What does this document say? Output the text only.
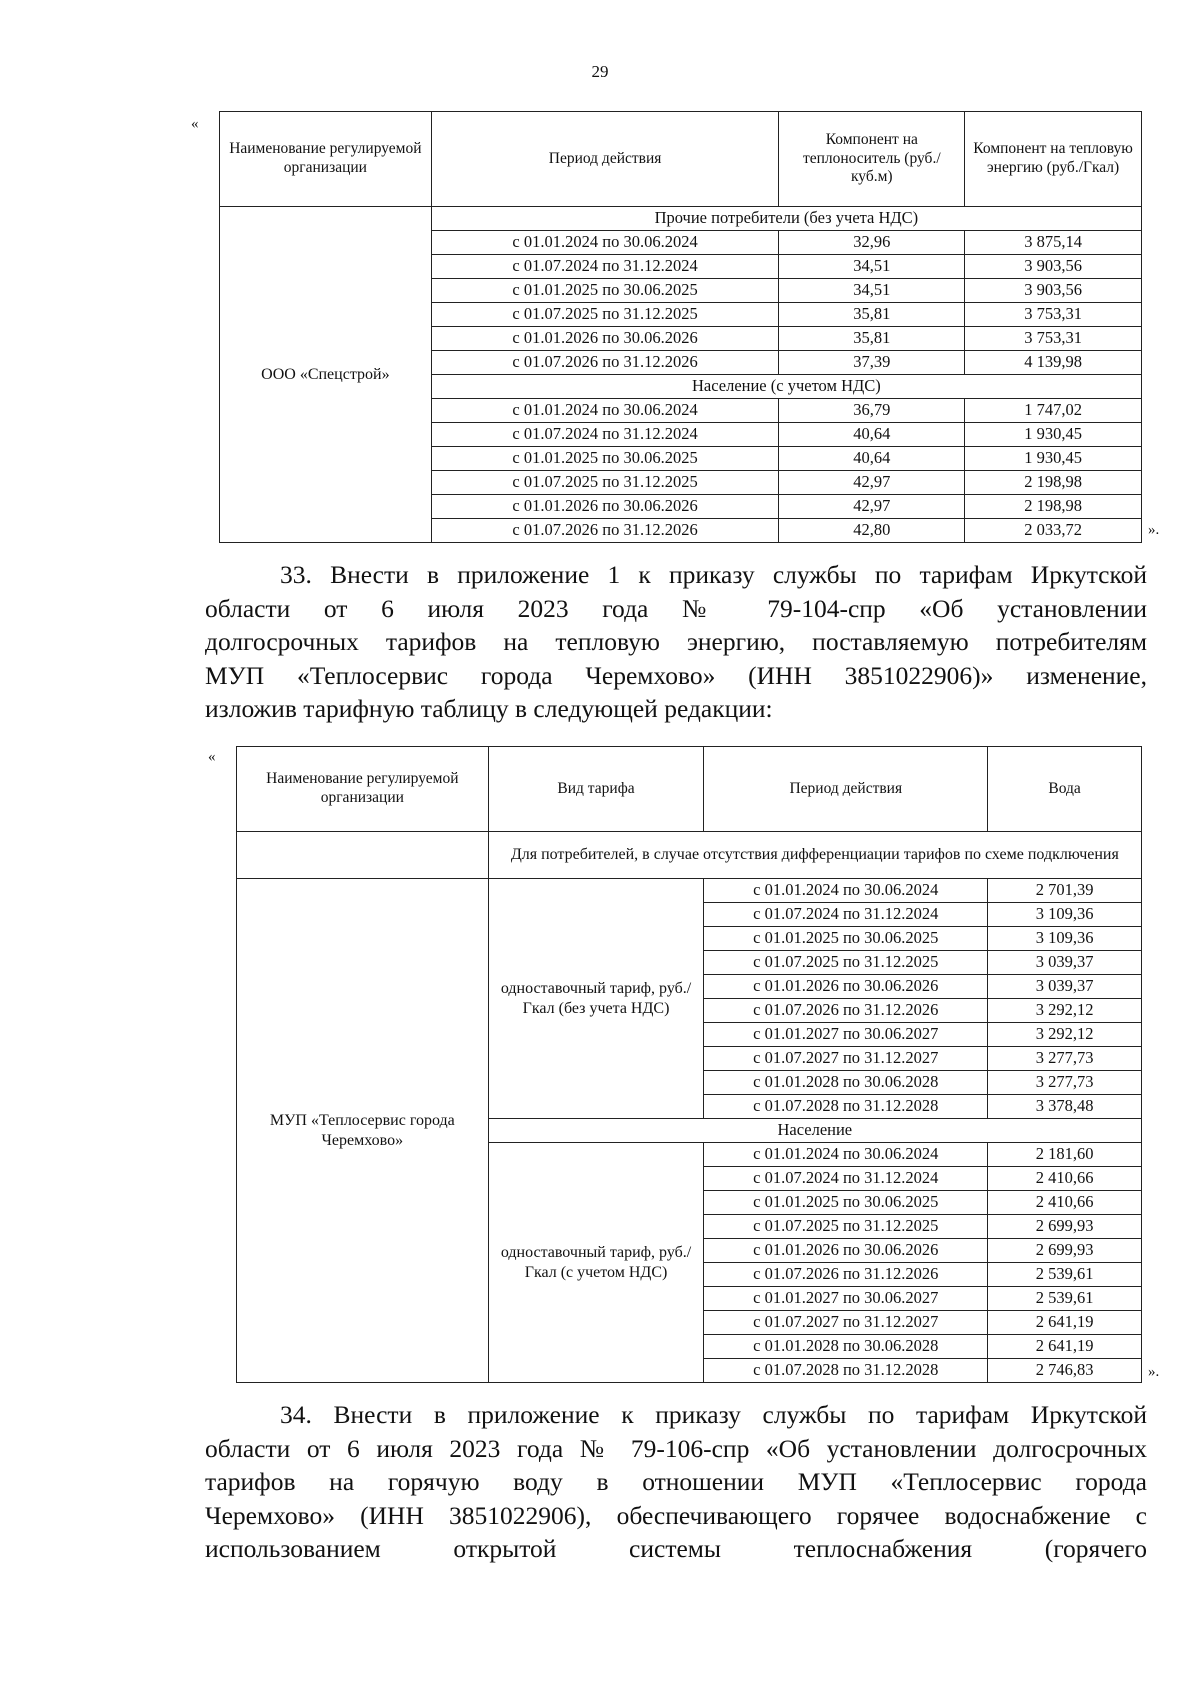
29
«
Наименование регулируемой организации	Период действия	Компонент на теплоноситель (руб./куб.м)	Компонент на тепловую энергию (руб./Гкал)
ООО «Спецстрой»	Прочие потребители (без учета НДС)		
	с 01.01.2024 по 30.06.2024	32,96	3 875,14
	с 01.07.2024 по 31.12.2024	34,51	3 903,56
	с 01.01.2025 по 30.06.2025	34,51	3 903,56
	с 01.07.2025 по 31.12.2025	35,81	3 753,31
	с 01.01.2026 по 30.06.2026	35,81	3 753,31
	с 01.07.2026 по 31.12.2026	37,39	4 139,98
	Население (с учетом НДС)		
	с 01.01.2024 по 30.06.2024	36,79	1 747,02
	с 01.07.2024 по 31.12.2024	40,64	1 930,45
	с 01.01.2025 по 30.06.2025	40,64	1 930,45
	с 01.07.2025 по 31.12.2025	42,97	2 198,98
	с 01.01.2026 по 30.06.2026	42,97	2 198,98
	с 01.07.2026 по 31.12.2026	42,80	2 033,72	».
33. Внести в приложение 1 к приказу службы по тарифам Иркутской
области от 6 июля 2023 года № 79-104-спр «Об установлении
долгосрочных тарифов на тепловую энергию, поставляемую потребителям
МУП «Теплосервис города Черемхово» (ИНН 3851022906)» изменение,
изложив тарифную таблицу в следующей редакции:
«
Наименование регулируемой организации	Вид тарифа	Период действия	Вода
	Для потребителей, в случае отсутствия дифференциации тарифов по схеме подключения		
МУП «Теплосервис города Черемхово»	одноставочный тариф, руб./Гкал (без учета НДС)	с 01.01.2024 по 30.06.2024	2 701,39
		с 01.07.2024 по 31.12.2024	3 109,36
		с 01.01.2025 по 30.06.2025	3 109,36
		с 01.07.2025 по 31.12.2025	3 039,37
		с 01.01.2026 по 30.06.2026	3 039,37
		с 01.07.2026 по 31.12.2026	3 292,12
		с 01.01.2027 по 30.06.2027	3 292,12
		с 01.07.2027 по 31.12.2027	3 277,73
		с 01.01.2028 по 30.06.2028	3 277,73
		с 01.07.2028 по 31.12.2028	3 378,48
	Население		
	одноставочный тариф, руб./Гкал (с учетом НДС)	с 01.01.2024 по 30.06.2024	2 181,60
		с 01.07.2024 по 31.12.2024	2 410,66
		с 01.01.2025 по 30.06.2025	2 410,66
		с 01.07.2025 по 31.12.2025	2 699,93
		с 01.01.2026 по 30.06.2026	2 699,93
		с 01.07.2026 по 31.12.2026	2 539,61
		с 01.01.2027 по 30.06.2027	2 539,61
		с 01.07.2027 по 31.12.2027	2 641,19
		с 01.01.2028 по 30.06.2028	2 641,19
		с 01.07.2028 по 31.12.2028	2 746,83	».
34. Внести в приложение к приказу службы по тарифам Иркутской
области от 6 июля 2023 года № 79-106-спр «Об установлении долгосрочных
тарифов на горячую воду в отношении МУП «Теплосервис города
Черемхово» (ИНН 3851022906), обеспечивающего горячее водоснабжение с
использованием открытой системы теплоснабжения (горячего
